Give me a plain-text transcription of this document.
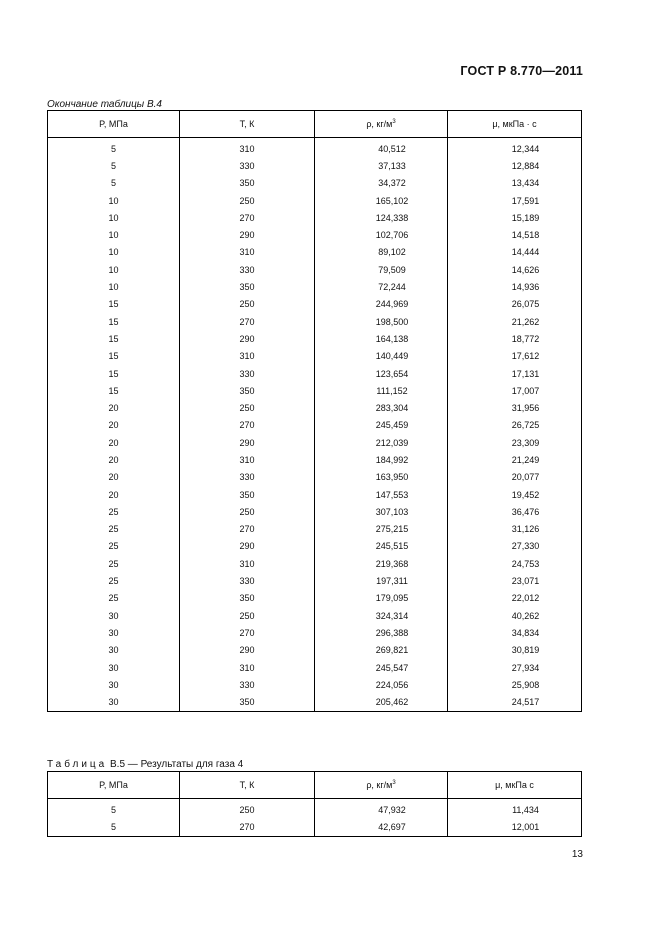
ГОСТ Р 8.770—2011
Окончание таблицы В.4
P, МПа	T, К	ρ, $кг/м^3$	μ, мкПа · с
5	310	40,512	12,344
5	330	37,133	12,884
5	350	34,372	13,434
10	250	165,102	17,591
10	270	124,338	15,189
10	290	102,706	14,518
10	310	89,102	14,444
10	330	79,509	14,626
10	350	72,244	14,936
15	250	244,969	26,075
15	270	198,500	21,262
15	290	164,138	18,772
15	310	140,449	17,612
15	330	123,654	17,131
15	350	111,152	17,007
20	250	283,304	31,956
20	270	245,459	26,725
20	290	212,039	23,309
20	310	184,992	21,249
20	330	163,950	20,077
20	350	147,553	19,452
25	250	307,103	36,476
25	270	275,215	31,126
25	290	245,515	27,330
25	310	219,368	24,753
25	330	197,311	23,071
25	350	179,095	22,012
30	250	324,314	40,262
30	270	296,388	34,834
30	290	269,821	30,819
30	310	245,547	27,934
30	330	224,056	25,908
30	350	205,462	24,517
Таблица В.5 — Результаты для газа 4
P, МПа	T, К	ρ, $кг/м^3$	μ, мкПа с
5	250	47,932	11,434
5	270	42,697	12,001
13
